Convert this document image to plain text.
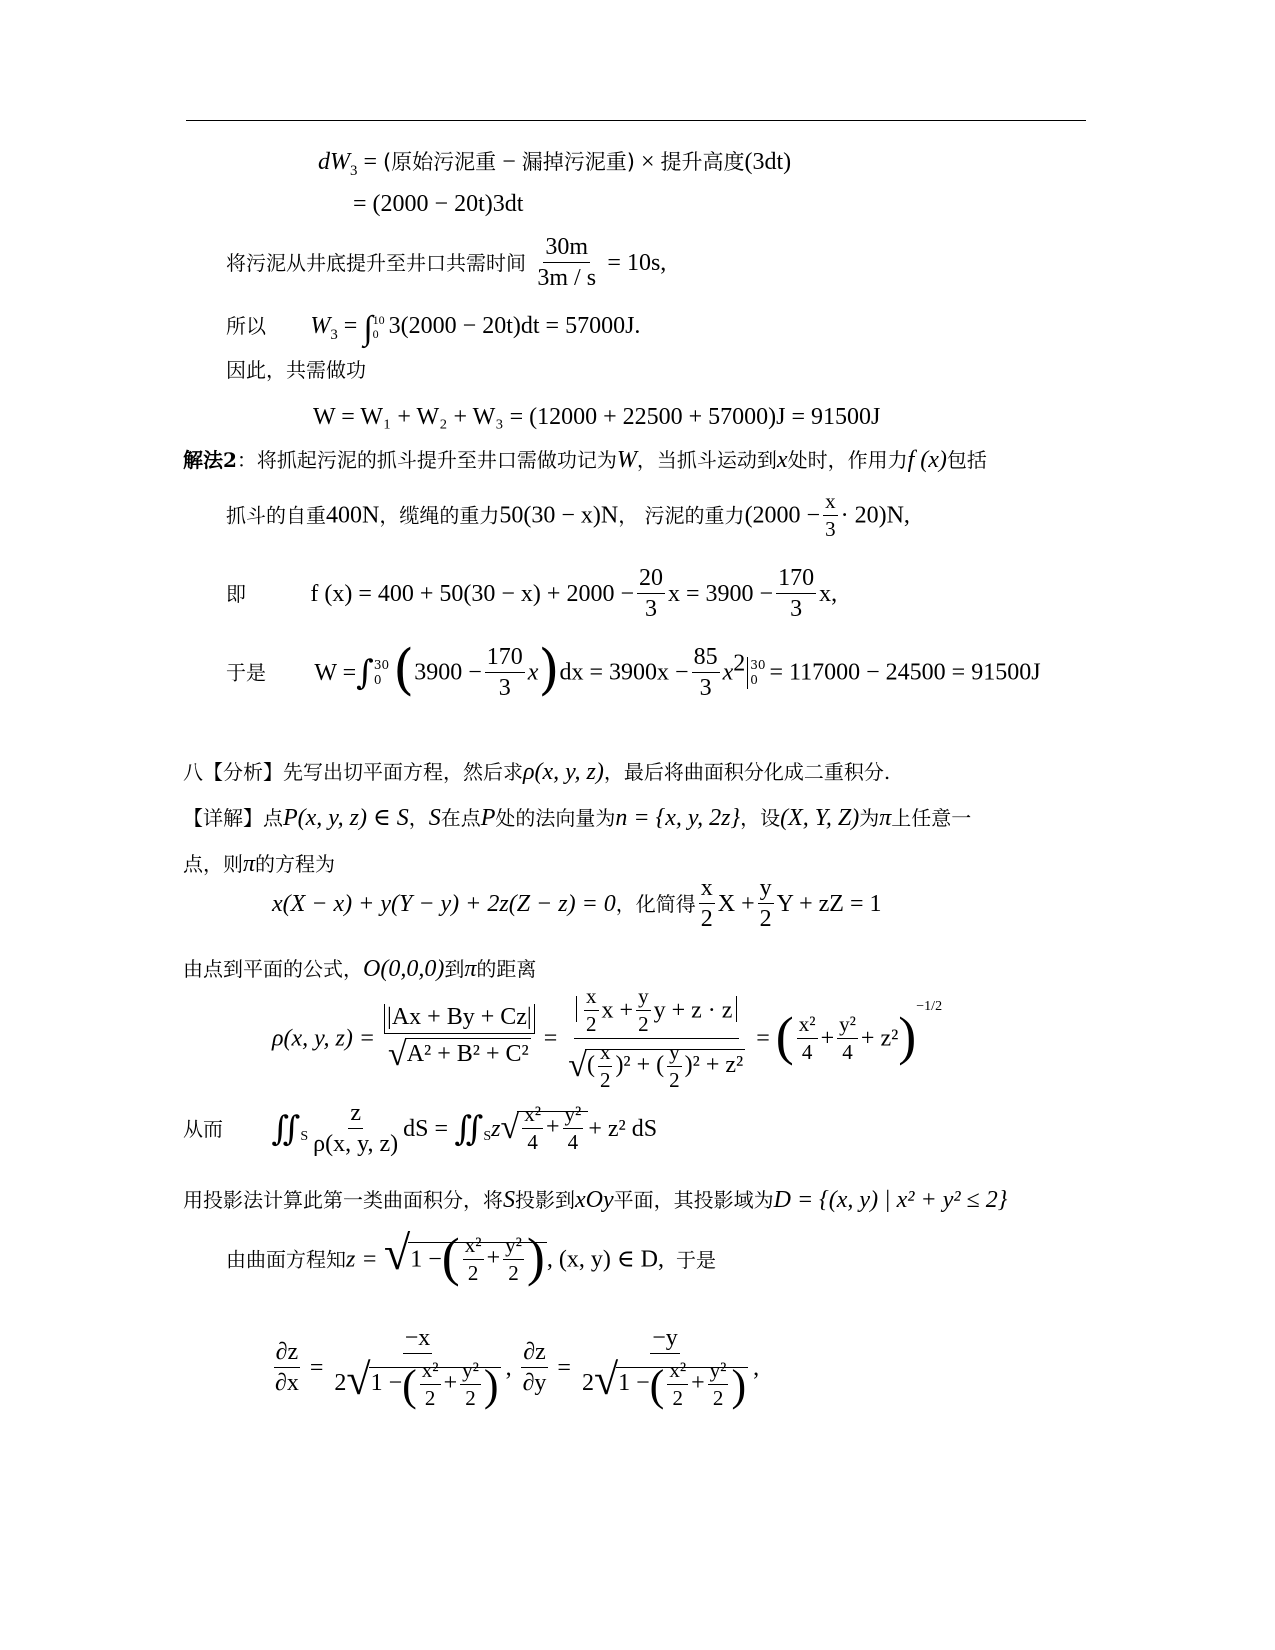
$dW_3$ = (原始污泥重 − 漏掉污泥重) × 提升高度(3dt)
= (2000 − 20t)3dt
将污泥从井底提升至井口共需时间 $\frac{30m}{3m / s} = 10s$,
所以 $W_3$ = ∫ 10
0 3(2000 − 20t)dt = 57000J.
因此，共需做功
W = W₁ + W₂ + W₃ = (12000 + 22500 + 57000)J = 91500J
解法2：将抓起污泥的抓斗提升至井口需做功记为W，当抓斗运动到x处时，作用力f (x)包括
抓斗的自重400N，缆绳的重力50(30 − x)N， 污泥的重力$(2000 - \frac{x}{3} \cdot 20)N$,
即	f $(x) = 400 + 50(30 - x) + 2000 - \frac{20}{3}$ $x = 3900 - \frac{170}{3} x$,
于是 W =∫ 30
0 $(3900 - \frac{170}{3} x)dx = 3900x - \frac{85}{3} x^2$ 30
0 = 117000 − 24500 = 91500J
八【分析】先写出切平面方程，然后求ρ(x, y, z)，最后将曲面积分化成二重积分.
【详解】点P(x, y, z) ∈ S，S在点P处的法向量为n = {x, y, 2z}，设(X, Y, Z)为π上任意一
点，则π的方程为
x(X − x) + y(Y − y) + 2z(Z − z) = 0，化简得 $\frac{x}{2}$ $X + \frac{y}{2}$ Y + zZ = 1
由点到平面的公式，O(0,0,0)到π的距离
ρ(x, y, $z) = \frac{|Ax + By + Cz|}{\text{√A² + B² + C²}} = \frac{\frac{x}{2} x + \frac{y}{2} y + z \cdot z}{√( \frac{x}{2} )^2 + ( \frac{y}{2} )^2 + z^2}$ = ( $\frac{\text{x²}}{4} + \frac{\text{y²}}{4} + z^2)^{-1/2}$
从而 $∬_S \frac{z}{\rho(x, y, z)}$ dS = $∬_Sz√ \frac{\text{x²}}{4} + \frac{\text{y²}}{4} + z^2$ dS
用投影法计算此第一类曲面积分，将S投影到xOy平面，其投影域为D = {(x, y) | x² + y² ≤ 2}
由曲面方程知z = √1 −( $\frac{\text{x²}}{2} + \frac{\text{y²}}{2}$ ), (x, y) ∈ D, 于是
$\frac{\partial z}{\partial x} = \frac{-x}{2√1 -( \frac{\text{x²}}{2} + \frac{\text{y²}}{2} )}$ , $\frac{\partial z}{\partial y} = \frac{-y}{2√1 -( \frac{\text{x²}}{2} + \frac{\text{y²}}{2} )}$ ,
